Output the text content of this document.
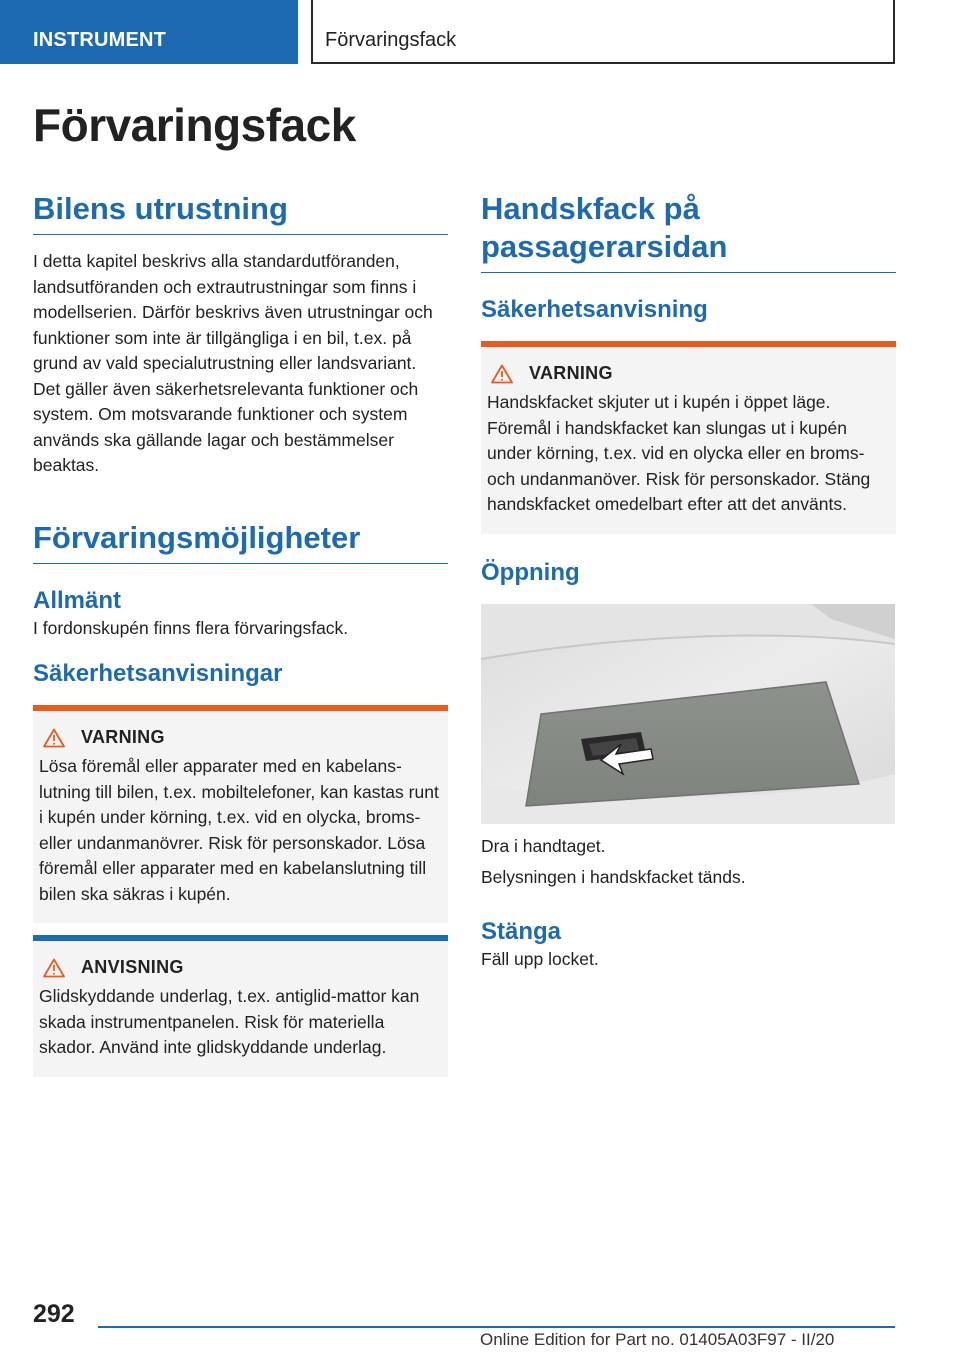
INSTRUMENT	Förvaringsfack
Förvaringsfack
Bilens utrustning

I detta kapitel beskrivs alla standardutföranden, landsutföranden och extrautrustningar som finns i modellserien. Därför beskrivs även utrustningar och funktioner som inte är tillgängliga i en bil, t.ex. på grund av vald specialutrustning eller landsvariant. Det gäller även säkerhetsrelevanta funktioner och system. Om motsvarande funktioner och system används ska gällande lagar och bestämmelser beaktas.

Förvaringsmöjligheter
Allmänt

I fordonskupén finns flera förvaringsfack.

Säkerhetsanvisningar
VARNING

Lösa föremål eller apparater med en kabelanslutning till bilen, t.ex. mobiltelefoner, kan kastas runt i kupén under körning, t.ex. vid en olycka, broms- eller undanmanövrer. Risk för personskador. Lösa föremål eller apparater med en kabelanslutning till bilen ska säkras i kupén.

ANVISNING

Glidskyddande underlag, t.ex. antiglid-mattor kan skada instrumentpanelen. Risk för materiella skador. Använd inte glidskyddande underlag.

Handskfack på passagerarsidan
Säkerhetsanvisning
VARNING

Handskfacket skjuter ut i kupén i öppet läge. Föremål i handskfacket kan slungas ut i kupén under körning, t.ex. vid en olycka eller en broms- och undanmanöver. Risk för personskador. Stäng handskfacket omedelbart efter att det använts.

Öppning

Dra i handtaget.

Belysningen i handskfacket tänds.

Stänga

Fäll upp locket.

292
Online Edition for Part no. 01405A03F97 - II/20
